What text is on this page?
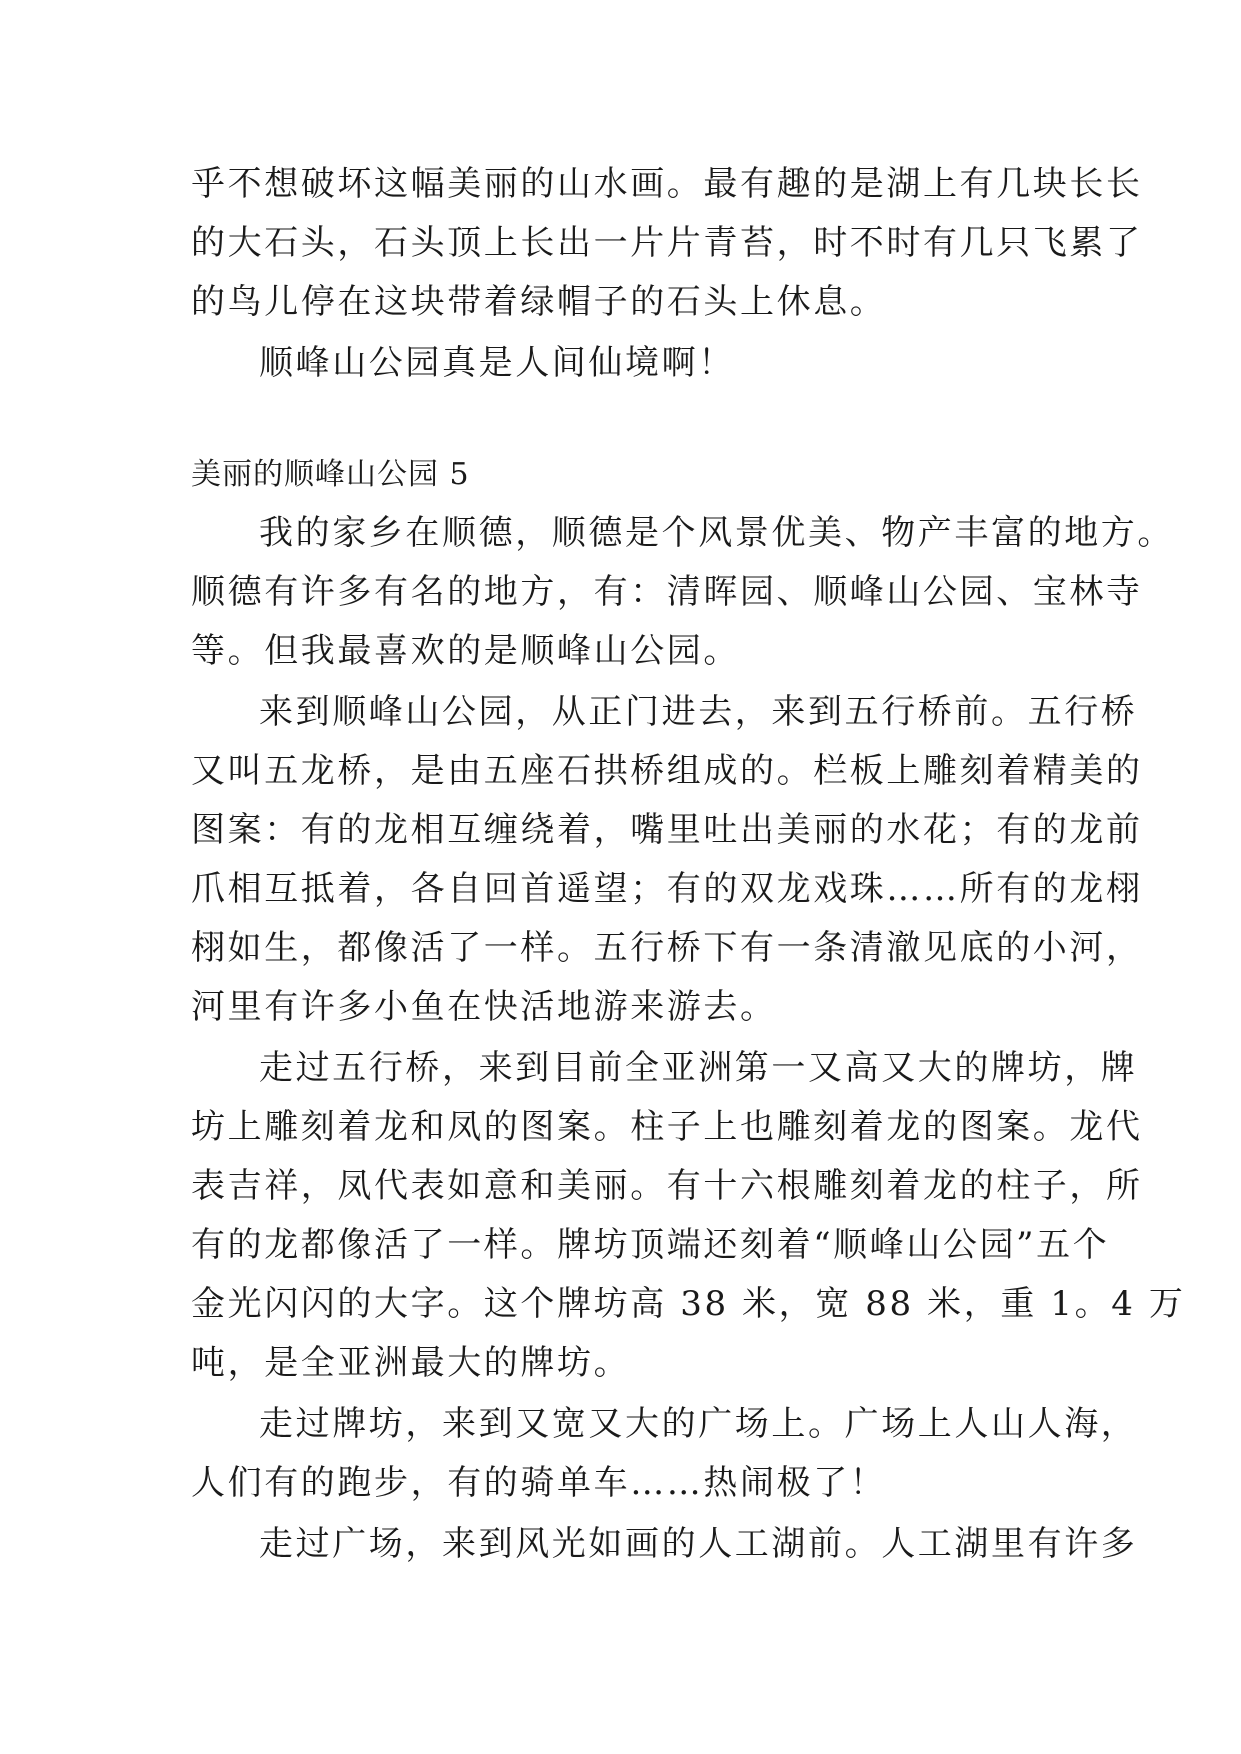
乎不想破坏这幅美丽的山水画。最有趣的是湖上有几块长长
的大石头，石头顶上长出一片片青苔，时不时有几只飞累了
的鸟儿停在这块带着绿帽子的石头上休息。
顺峰山公园真是人间仙境啊！
美丽的顺峰山公园 5
我的家乡在顺德，顺德是个风景优美、物产丰富的地方。
顺德有许多有名的地方，有：清晖园、顺峰山公园、宝林寺
等。但我最喜欢的是顺峰山公园。
来到顺峰山公园，从正门进去，来到五行桥前。五行桥
又叫五龙桥，是由五座石拱桥组成的。栏板上雕刻着精美的
图案：有的龙相互缠绕着，嘴里吐出美丽的水花；有的龙前
爪相互抵着，各自回首遥望；有的双龙戏珠……所有的龙栩
栩如生，都像活了一样。五行桥下有一条清澈见底的小河，
河里有许多小鱼在快活地游来游去。
走过五行桥，来到目前全亚洲第一又高又大的牌坊，牌
坊上雕刻着龙和凤的图案。柱子上也雕刻着龙的图案。龙代
表吉祥，凤代表如意和美丽。有十六根雕刻着龙的柱子，所
有的龙都像活了一样。牌坊顶端还刻着“顺峰山公园”五个
金光闪闪的大字。这个牌坊高 38 米，宽 88 米，重 1。4 万
吨，是全亚洲最大的牌坊。
走过牌坊，来到又宽又大的广场上。广场上人山人海，
人们有的跑步，有的骑单车……热闹极了！
走过广场，来到风光如画的人工湖前。人工湖里有许多
